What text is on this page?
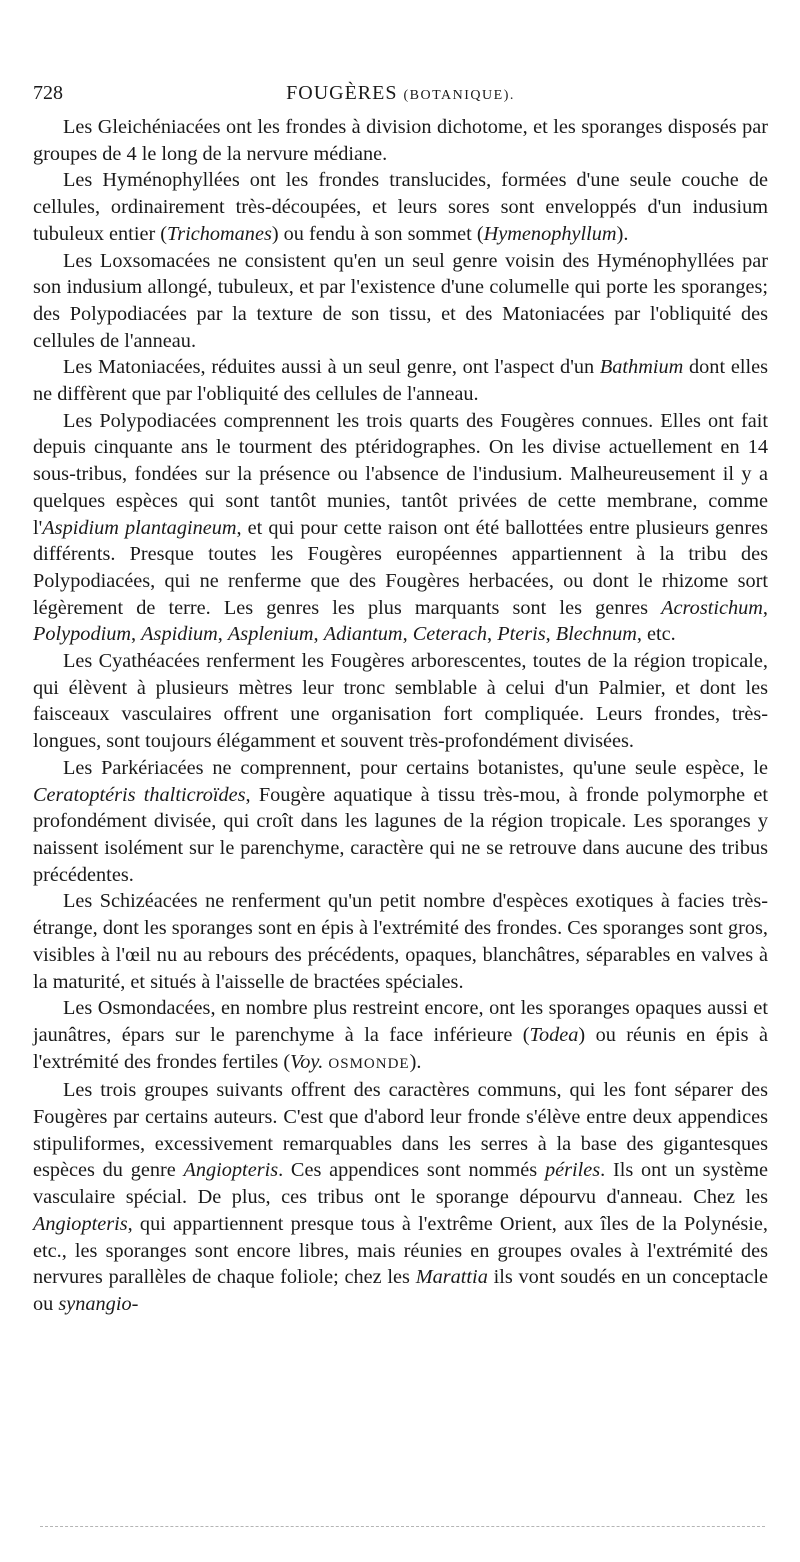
728	FOUGÈRES (BOTANIQUE).

Les Gleichéniacées ont les frondes à division dichotome, et les sporanges disposés par groupes de 4 le long de la nervure médiane.

Les Hyménophyllées ont les frondes translucides, formées d'une seule couche de cellules, ordinairement très-découpées, et leurs sores sont enveloppés d'un indusium tubuleux entier (Trichomanes) ou fendu à son sommet (Hymenophyllum).

Les Loxsomacées ne consistent qu'en un seul genre voisin des Hyménophyllées par son indusium allongé, tubuleux, et par l'existence d'une columelle qui porte les sporanges; des Polypodiacées par la texture de son tissu, et des Matoniacées par l'obliquité des cellules de l'anneau.

Les Matoniacées, réduites aussi à un seul genre, ont l'aspect d'un Bathmium dont elles ne diffèrent que par l'obliquité des cellules de l'anneau.

Les Polypodiacées comprennent les trois quarts des Fougères connues. Elles ont fait depuis cinquante ans le tourment des ptéridographes. On les divise actuellement en 14 sous-tribus, fondées sur la présence ou l'absence de l'indusium. Malheureusement il y a quelques espèces qui sont tantôt munies, tantôt privées de cette membrane, comme l'Aspidium plantagineum, et qui pour cette raison ont été ballottées entre plusieurs genres différents. Presque toutes les Fougères européennes appartiennent à la tribu des Polypodiacées, qui ne renferme que des Fougères herbacées, ou dont le rhizome sort légèrement de terre. Les genres les plus marquants sont les genres Acrostichum, Polypodium, Aspidium, Asplenium, Adiantum, Ceterach, Pteris, Blechnum, etc.

Les Cyathéacées renferment les Fougères arborescentes, toutes de la région tropicale, qui élèvent à plusieurs mètres leur tronc semblable à celui d'un Palmier, et dont les faisceaux vasculaires offrent une organisation fort compliquée. Leurs frondes, très-longues, sont toujours élégamment et souvent très-profondément divisées.

Les Parkériacées ne comprennent, pour certains botanistes, qu'une seule espèce, le Ceratoptéris thalticroïdes, Fougère aquatique à tissu très-mou, à fronde polymorphe et profondément divisée, qui croît dans les lagunes de la région tropicale. Les sporanges y naissent isolément sur le parenchyme, caractère qui ne se retrouve dans aucune des tribus précédentes.

Les Schizéacées ne renferment qu'un petit nombre d'espèces exotiques à facies très-étrange, dont les sporanges sont en épis à l'extrémité des frondes. Ces sporanges sont gros, visibles à l'œil nu au rebours des précédents, opaques, blanchâtres, séparables en valves à la maturité, et situés à l'aisselle de bractées spéciales.

Les Osmondacées, en nombre plus restreint encore, ont les sporanges opaques aussi et jaunâtres, épars sur le parenchyme à la face inférieure (Todea) ou réunis en épis à l'extrémité des frondes fertiles (Voy. OSMONDE).

Les trois groupes suivants offrent des caractères communs, qui les font séparer des Fougères par certains auteurs. C'est que d'abord leur fronde s'élève entre deux appendices stipuliformes, excessivement remarquables dans les serres à la base des gigantesques espèces du genre Angiopteris. Ces appendices sont nommés périles. Ils ont un système vasculaire spécial. De plus, ces tribus ont le sporange dépourvu d'anneau. Chez les Angiopteris, qui appartiennent presque tous à l'extrême Orient, aux îles de la Polynésie, etc., les sporanges sont encore libres, mais réunies en groupes ovales à l'extrémité des nervures parallèles de chaque foliole; chez les Marattia ils vont soudés en un conceptacle ou synangio-
